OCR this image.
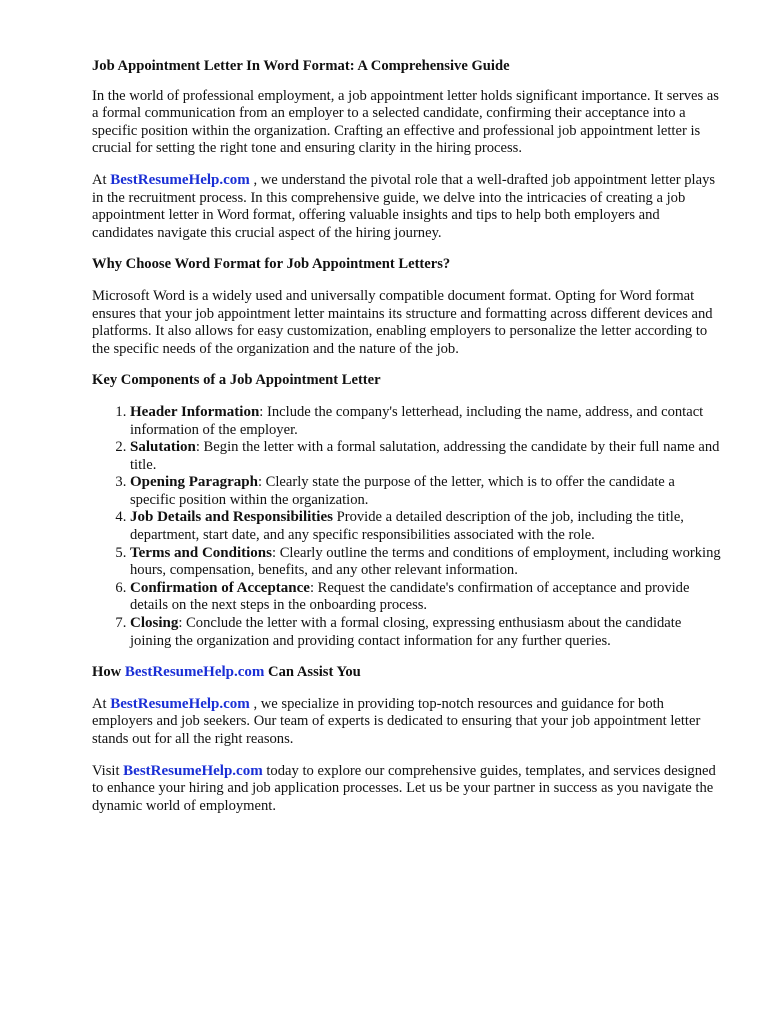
Job Appointment Letter In Word Format: A Comprehensive Guide

In the world of professional employment, a job appointment letter holds significant importance. It serves as a formal communication from an employer to a selected candidate, confirming their acceptance into a specific position within the organization. Crafting an effective and professional job appointment letter is crucial for setting the right tone and ensuring clarity in the hiring process.

At BestResumeHelp.com , we understand the pivotal role that a well-drafted job appointment letter plays in the recruitment process. In this comprehensive guide, we delve into the intricacies of creating a job appointment letter in Word format, offering valuable insights and tips to help both employers and candidates navigate this crucial aspect of the hiring journey.

Why Choose Word Format for Job Appointment Letters?

Microsoft Word is a widely used and universally compatible document format. Opting for Word format ensures that your job appointment letter maintains its structure and formatting across different devices and platforms. It also allows for easy customization, enabling employers to personalize the letter according to the specific needs of the organization and the nature of the job.

Key Components of a Job Appointment Letter

1. Header Information: Include the company's letterhead, including the name, address, and contact information of the employer.
2. Salutation: Begin the letter with a formal salutation, addressing the candidate by their full name and title.
3. Opening Paragraph: Clearly state the purpose of the letter, which is to offer the candidate a specific position within the organization.
4. Job Details and Responsibilities Provide a detailed description of the job, including the title, department, start date, and any specific responsibilities associated with the role.
5. Terms and Conditions: Clearly outline the terms and conditions of employment, including working hours, compensation, benefits, and any other relevant information.
6. Confirmation of Acceptance: Request the candidate's confirmation of acceptance and provide details on the next steps in the onboarding process.
7. Closing: Conclude the letter with a formal closing, expressing enthusiasm about the candidate joining the organization and providing contact information for any further queries.

How BestResumeHelp.com Can Assist You

At BestResumeHelp.com , we specialize in providing top-notch resources and guidance for both employers and job seekers. Our team of experts is dedicated to ensuring that your job appointment letter stands out for all the right reasons.

Visit BestResumeHelp.com today to explore our comprehensive guides, templates, and services designed to enhance your hiring and job application processes. Let us be your partner in success as you navigate the dynamic world of employment.
